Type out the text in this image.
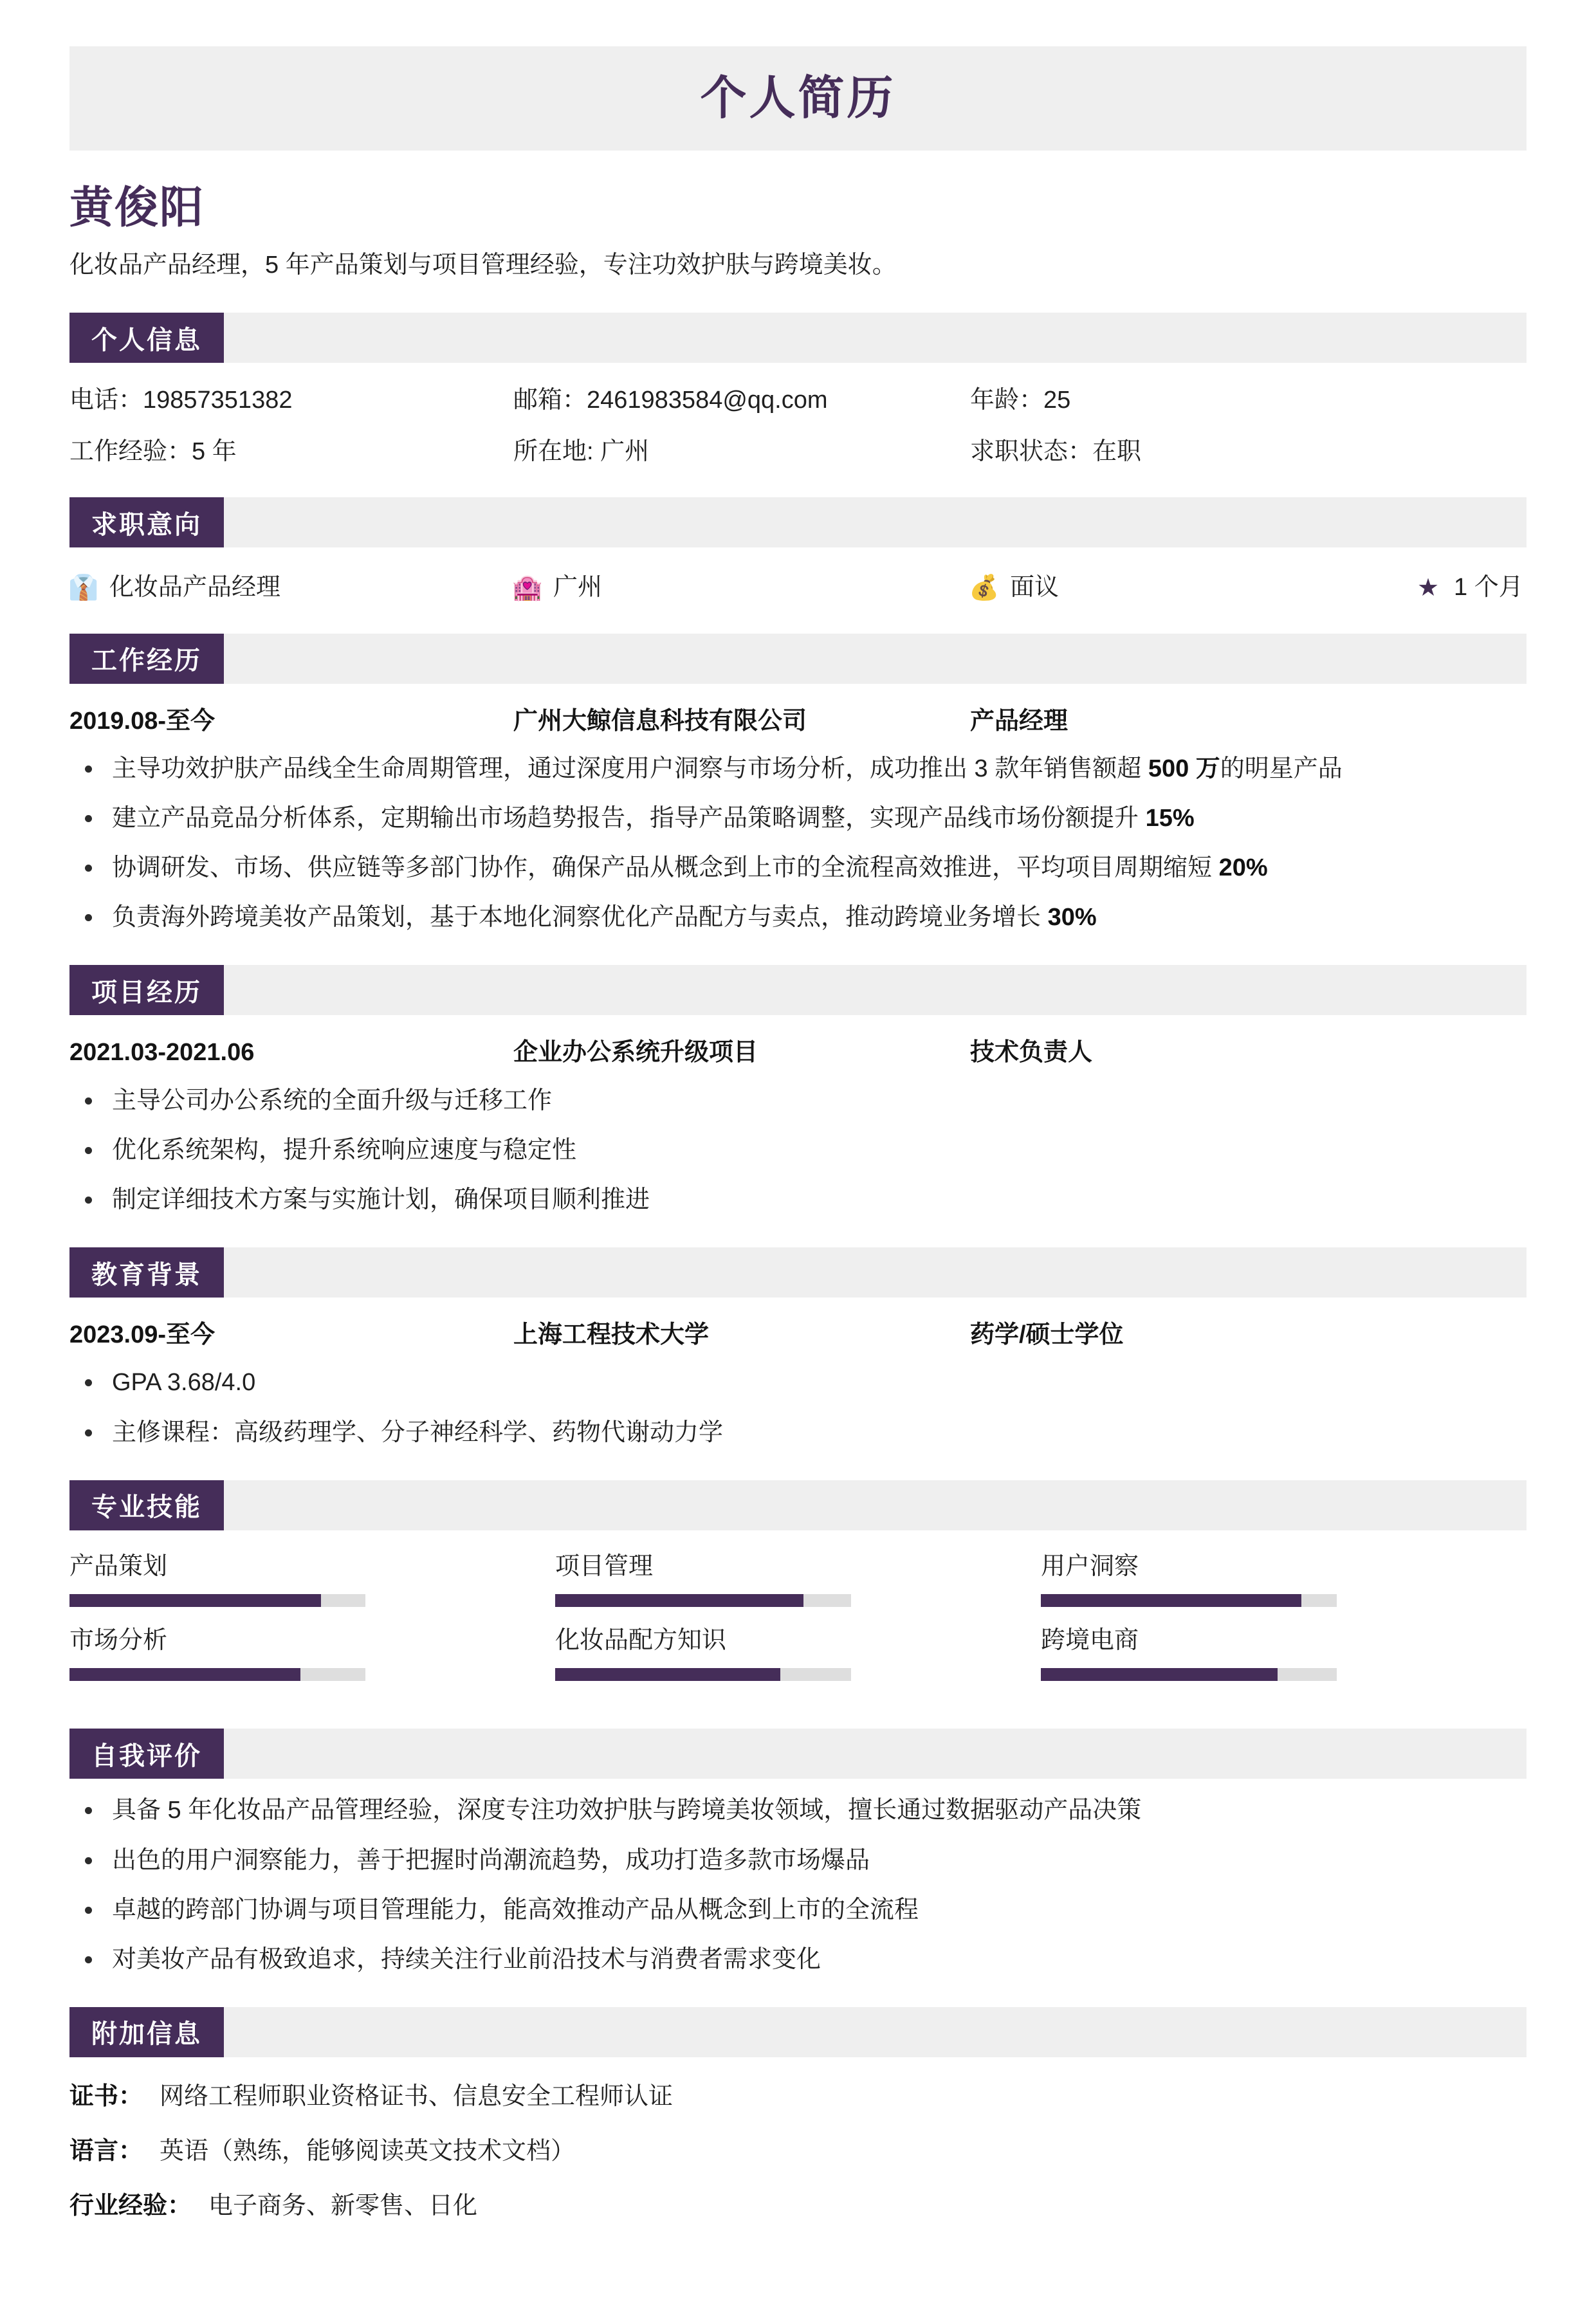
个人简历
黄俊阳
化妆品产品经理，5 年产品策划与项目管理经验，专注功效护肤与跨境美妆。
个人信息
电话：19857351382	邮箱：2461983584@qq.com	年龄：25
工作经验：5 年	所在地: 广州	求职状态：在职
求职意向
👔 化妆品产品经理	🏩 广州	💰 面议	★ 1 个月
工作经历
2019.08-至今	广州大鲸信息科技有限公司	产品经理
主导功效护肤产品线全生命周期管理，通过深度用户洞察与市场分析，成功推出 3 款年销售额超 500 万的明星产品
建立产品竞品分析体系，定期输出市场趋势报告，指导产品策略调整，实现产品线市场份额提升 15%
协调研发、市场、供应链等多部门协作，确保产品从概念到上市的全流程高效推进，平均项目周期缩短 20%
负责海外跨境美妆产品策划，基于本地化洞察优化产品配方与卖点，推动跨境业务增长 30%
项目经历
2021.03-2021.06	企业办公系统升级项目	技术负责人
主导公司办公系统的全面升级与迁移工作
优化系统架构，提升系统响应速度与稳定性
制定详细技术方案与实施计划，确保项目顺利推进
教育背景
2023.09-至今	上海工程技术大学	药学/硕士学位
GPA 3.68/4.0
主修课程：高级药理学、分子神经科学、药物代谢动力学
专业技能
产品策划	项目管理	用户洞察
市场分析	化妆品配方知识	跨境电商
自我评价
具备 5 年化妆品产品管理经验，深度专注功效护肤与跨境美妆领域，擅长通过数据驱动产品决策
出色的用户洞察能力，善于把握时尚潮流趋势，成功打造多款市场爆品
卓越的跨部门协调与项目管理能力，能高效推动产品从概念到上市的全流程
对美妆产品有极致追求，持续关注行业前沿技术与消费者需求变化
附加信息
证书： 网络工程师职业资格证书、信息安全工程师认证
语言： 英语（熟练，能够阅读英文技术文档）
行业经验： 电子商务、新零售、日化
